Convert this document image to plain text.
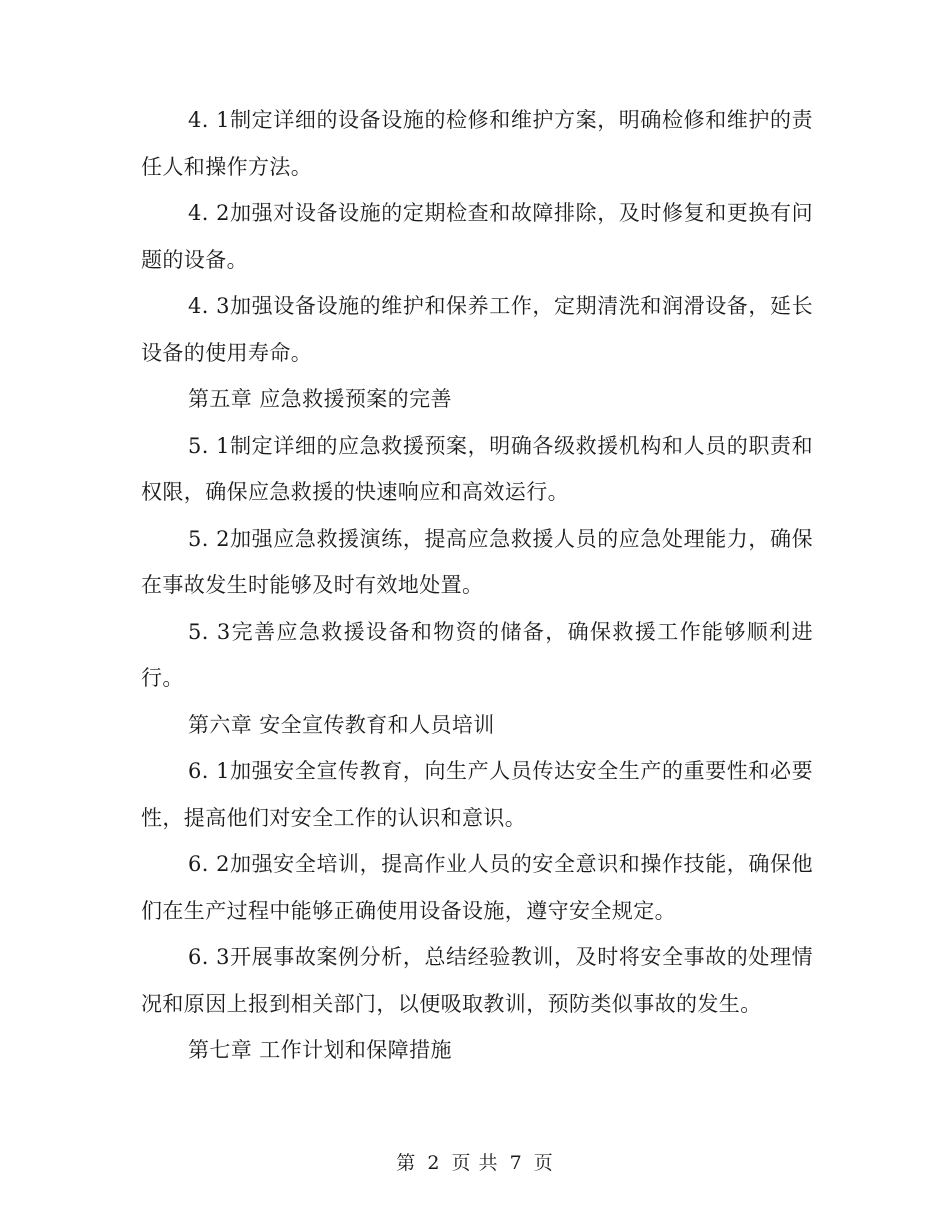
4. 1制定详细的设备设施的检修和维护方案，明确检修和维护的责任人和操作方法。

4. 2加强对设备设施的定期检查和故障排除，及时修复和更换有问题的设备。

4. 3加强设备设施的维护和保养工作，定期清洗和润滑设备，延长设备的使用寿命。

第五章 应急救援预案的完善

5. 1制定详细的应急救援预案，明确各级救援机构和人员的职责和权限，确保应急救援的快速响应和高效运行。

5. 2加强应急救援演练，提高应急救援人员的应急处理能力，确保在事故发生时能够及时有效地处置。

5. 3完善应急救援设备和物资的储备，确保救援工作能够顺利进行。

第六章 安全宣传教育和人员培训

6. 1加强安全宣传教育，向生产人员传达安全生产的重要性和必要性，提高他们对安全工作的认识和意识。

6. 2加强安全培训，提高作业人员的安全意识和操作技能，确保他们在生产过程中能够正确使用设备设施，遵守安全规定。

6. 3开展事故案例分析，总结经验教训，及时将安全事故的处理情况和原因上报到相关部门，以便吸取教训，预防类似事故的发生。

第七章 工作计划和保障措施

第 2 页 共 7 页
